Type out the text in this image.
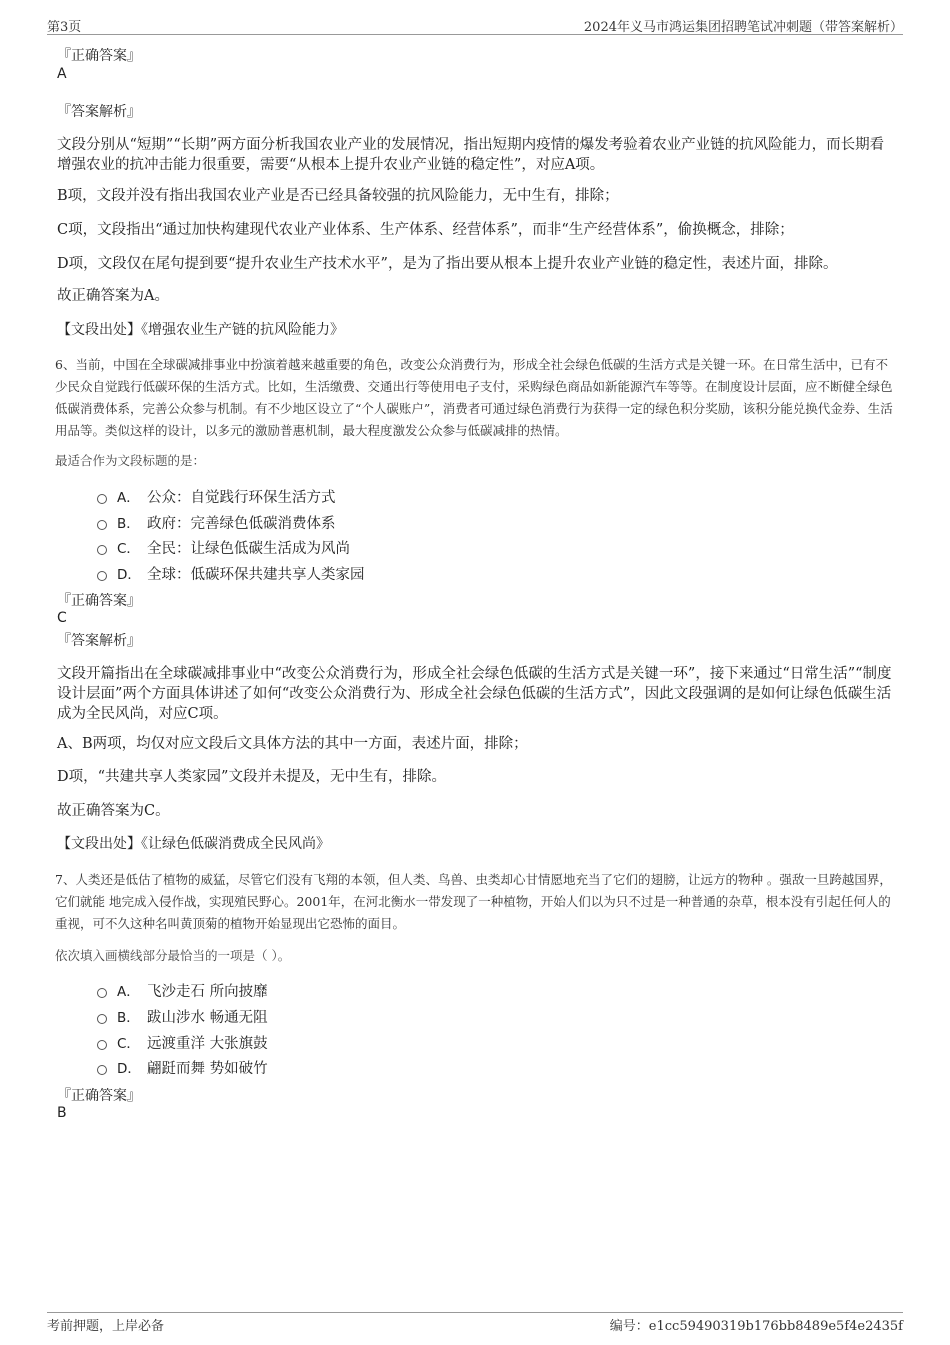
第3页	2024年义马市鸿运集团招聘笔试冲刺题（带答案解析）
『正确答案』
A
『答案解析』
文段分别从“短期”“长期”两方面分析我国农业产业的发展情况，指出短期内疫情的爆发考验着农业产业链的抗风险能力，而长期看增强农业的抗冲击能力很重要，需要“从根本上提升农业产业链的稳定性”，对应A项。
B项，文段并没有指出我国农业产业是否已经具备较强的抗风险能力，无中生有，排除；
C项，文段指出“通过加快构建现代农业产业体系、生产体系、经营体系”，而非“生产经营体系”，偷换概念，排除；
D项，文段仅在尾句提到要“提升农业生产技术水平”，是为了指出要从根本上提升农业产业链的稳定性，表述片面，排除。
故正确答案为A。
【文段出处】《增强农业生产链的抗风险能力》
6、当前，中国在全球碳减排事业中扮演着越来越重要的角色，改变公众消费行为，形成全社会绿色低碳的生活方式是关键一环。在日常生活中，已有不少民众自觉践行低碳环保的生活方式。比如，生活缴费、交通出行等使用电子支付，采购绿色商品如新能源汽车等等。在制度设计层面，应不断健全绿色低碳消费体系，完善公众参与机制。有不少地区设立了“个人碳账户”，消费者可通过绿色消费行为获得一定的绿色积分奖励，该积分能兑换代金券、生活用品等。类似这样的设计，以多元的激励普惠机制，最大程度激发公众参与低碳减排的热情。
最适合作为文段标题的是：
A． 公众：自觉践行环保生活方式
B． 政府：完善绿色低碳消费体系
C． 全民：让绿色低碳生活成为风尚
D． 全球：低碳环保共建共享人类家园
『正确答案』
C
『答案解析』
文段开篇指出在全球碳减排事业中“改变公众消费行为，形成全社会绿色低碳的生活方式是关键一环”，接下来通过“日常生活”“制度设计层面”两个方面具体讲述了如何“改变公众消费行为、形成全社会绿色低碳的生活方式”，因此文段强调的是如何让绿色低碳生活成为全民风尚，对应C项。
A、B两项，均仅对应文段后文具体方法的其中一方面，表述片面，排除；
D项，“共建共享人类家园”文段并未提及，无中生有，排除。
故正确答案为C。
【文段出处】《让绿色低碳消费成全民风尚》
7、人类还是低估了植物的威猛，尽管它们没有飞翔的本领，但人类、鸟兽、虫类却心甘情愿地充当了它们的翅膀，让远方的物种 。强敌一旦跨越国界，它们就能 地完成入侵作战，实现殖民野心。2001年，在河北衡水一带发现了一种植物，开始人们以为只不过是一种普通的杂草，根本没有引起任何人的重视，可不久这种名叫黄顶菊的植物开始显现出它恐怖的面目。
依次填入画横线部分最恰当的一项是（ ）。
A． 飞沙走石 所向披靡
B． 跋山涉水 畅通无阻
C． 远渡重洋 大张旗鼓
D． 翩跹而舞 势如破竹
『正确答案』
B
考前押题，上岸必备	编号：e1cc59490319b176bb8489e5f4e2435f
